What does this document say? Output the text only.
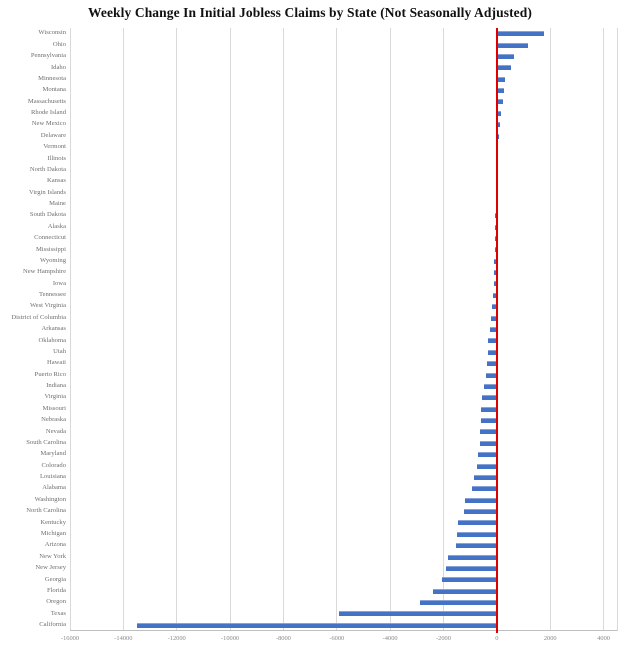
Weekly Change In Initial Jobless Claims by State (Not Seasonally Adjusted)
Wisconsin
Ohio
Pennsylvania
Idaho
Minnesota
Montana
Massachusetts
Rhode Island
New Mexico
Delaware
Vermont
Illinois
North Dakota
Kansas
Virgin Islands
Maine
South Dakota
Alaska
Connecticut
Mississippi
Wyoming
New Hampshire
Iowa
Tennessee
West Virginia
District of Columbia
Arkansas
Oklahoma
Utah
Hawaii
Puerto Rico
Indiana
Virginia
Missouri
Nebraska
Nevada
South Carolina
Maryland
Colorado
Louisiana
Alabama
Washington
North Carolina
Kentucky
Michigan
Arizona
New York
New Jersey
Georgia
Florida
Oregon
Texas
California
-16000	-14000	-12000	-10000	-8000	-6000	-4000	-2000	0	2000	4000
